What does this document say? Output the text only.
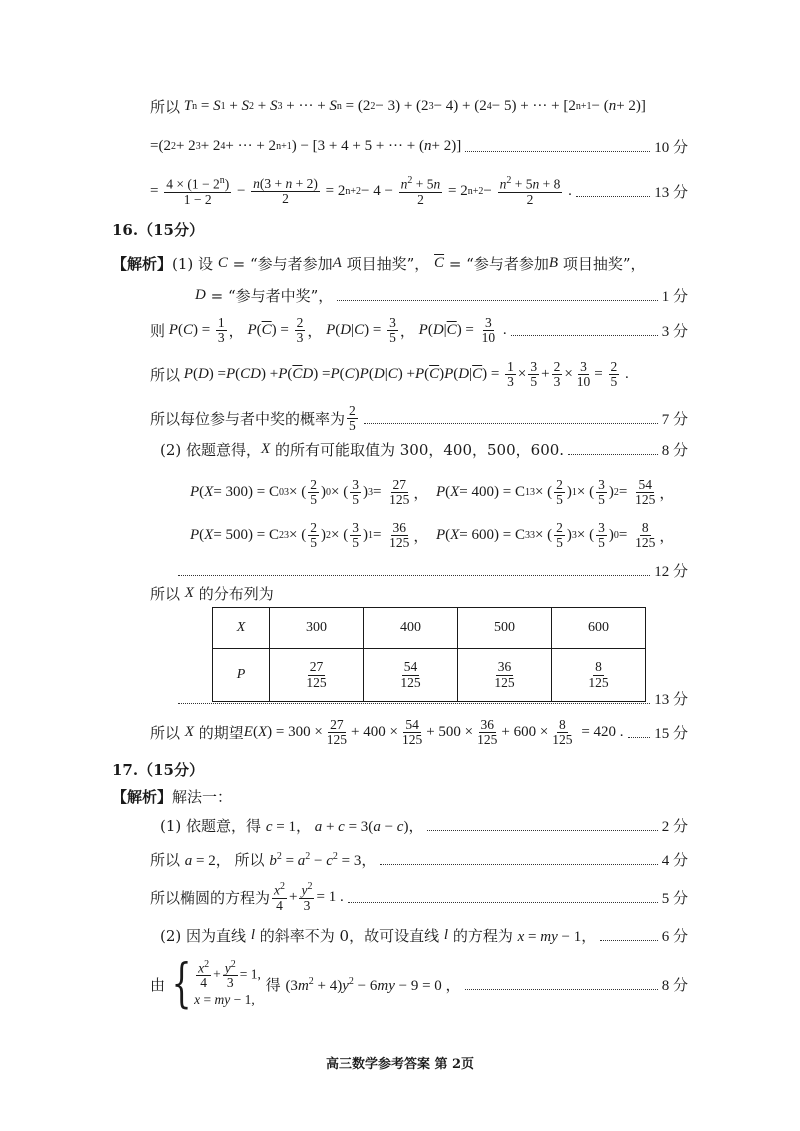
所以
T n = S 1 + S 2 + S 3 + ··· + S n = (2 2 − 3) + (2 3 − 4) + (2 4 − 5) + ··· + [2 n+1 − ( n + 2)]
= (2 2 + 2 3 + 2 4 + ··· + 2 n+1 ) − [3 + 4 + 5 + ··· + ( n + 2)]	10 分
= $4 \times (1 - 2^n)$
1 − 2
− n(3 + n + 2)
2 = 2 $n+2 - 4 - n^2 + 5n$
2
= 2 $n+2 - n^2 + 5n + 8$
2
.	13 分
16.（15分）
【解析】 (1) 设
C = “ 参与者参加 A
项目抽奖 ”， $\overline{C}$ = “ 参与者参加 B
项目抽奖 ”，
D = “ 参与者中奖 ”，	1 分
则
P ( C ) = 1
3 ， P ( $\overline{C}$ ) = 2
3 ， P ( D | C ) = 3
5 ， P ( D | $\overline{C}$ ) = 3
10 .	3 分
所以
P ( D ) = P ( CD ) + P ( $\overline{C}$ D ) = P ( C ) P ( D | C ) + P ( $\overline{C}$ ) P ( D | $\overline{C}$ ) = 1
3 × 3
5 + 2
3 × 3
10 = 2
5 .
所以每位参与者中奖的概率为 2
5	7 分
(2) 依题意得， X
的所有可能取值为 300，400，500，600.	8 分
P ( X = 300) = C 0 3 × ( 2
5 ) 0 × ( 3
5 ) 3 = 27
125 ， P ( X = 400) = C 1 3 × ( 2
5 ) 1 × ( 3
5 ) 2 = 54
125 ，
P ( X = 500) = C 2 3 × ( 2
5 ) 2 × ( 3
5 ) 1 = 36
125 ， P ( X = 600) = C 3 3 × ( 2
5 ) 3 × ( 3
5 ) 0 = 8
125 ，
12 分
所以
X
的分布列为
X	300	400	500	600
P	$\frac{27}{125}$	$\frac{54}{125}$	$\frac{36}{125}$	$\frac{8}{125}$
13 分
所以
X
的期望 $E(X) = 300 \times \frac{27}{125} + 400 \times \frac{54}{125} + 500 \times \frac{36}{125} + 600 \times \frac{8}{125}$
= 420 . 15 分
17.（15分）
【解析】 解法一：
(1) 依题意，得
c = 1， a + c = 3(a − c)，	2 分
所以
a = 2， 所以
$b^2 = a^2 - c^2 = 3$，	4 分
所以椭圆的方程为 $\frac{x^2}{4} + \frac{y^2}{3} = 1$ .	5 分
(2) 因为直线
l
的斜率不为 0，故可设直线
l
的方程为
x = my − 1，	6 分
由 { $\frac{x^2}{4} + \frac{y^2}{3} = 1$,
x = my − 1,

得
$(3m^2 + 4)y^2 - 6my - 9 = 0$ ，	8 分
高三数学参考答案 第 2页
